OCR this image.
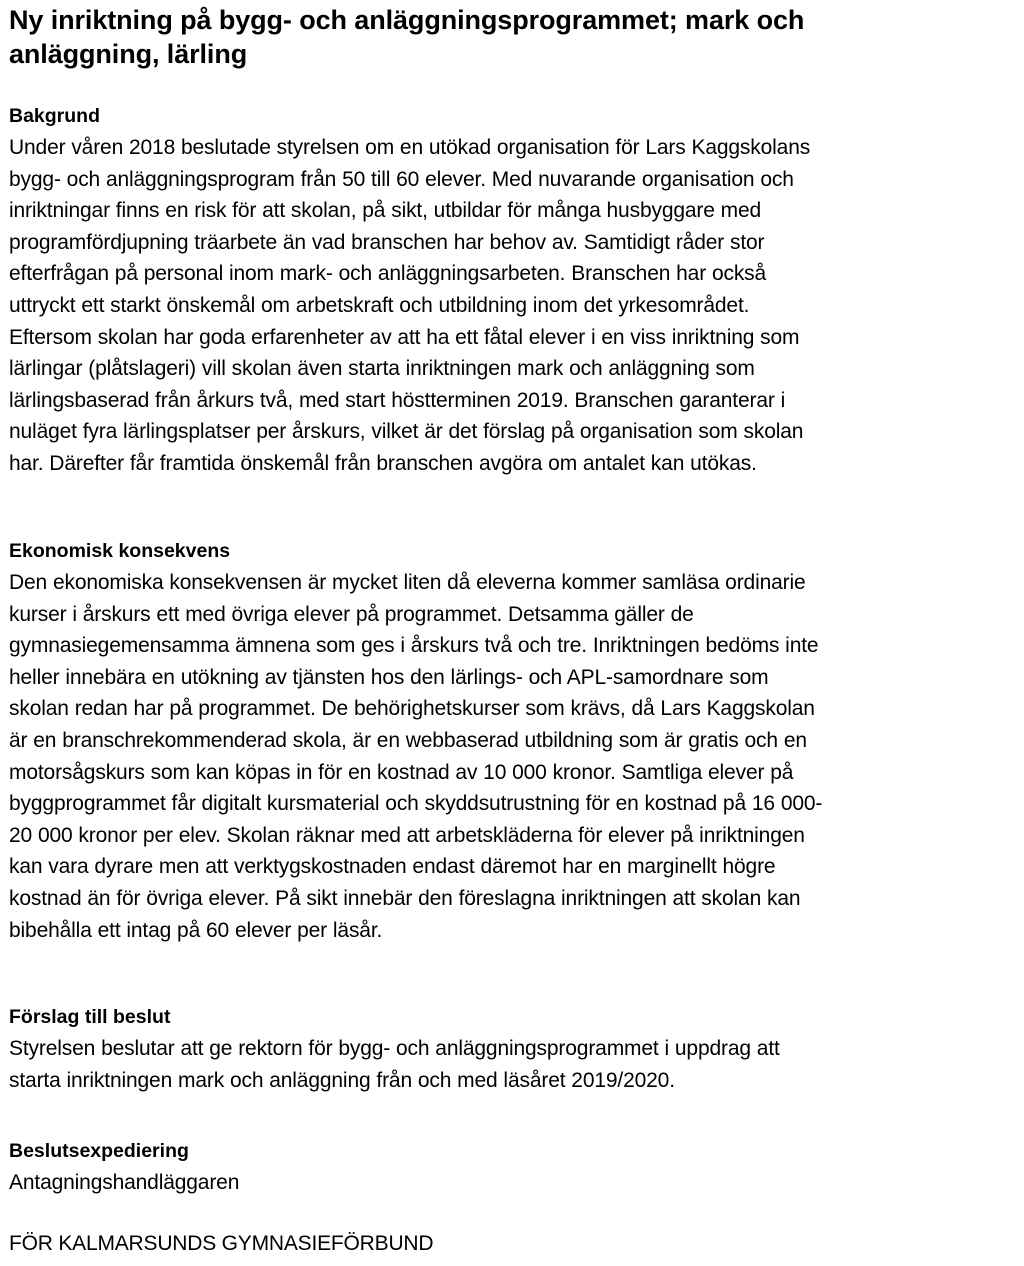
Ny inriktning på bygg- och anläggningsprogrammet; mark och
anläggning, lärling
Bakgrund

Under våren 2018 beslutade styrelsen om en utökad organisation för Lars Kaggskolans
bygg- och anläggningsprogram från 50 till 60 elever. Med nuvarande organisation och
inriktningar finns en risk för att skolan, på sikt, utbildar för många husbyggare med
programfördjupning träarbete än vad branschen har behov av. Samtidigt råder stor
efterfrågan på personal inom mark- och anläggningsarbeten. Branschen har också
uttryckt ett starkt önskemål om arbetskraft och utbildning inom det yrkesområdet.
Eftersom skolan har goda erfarenheter av att ha ett fåtal elever i en viss inriktning som
lärlingar (plåtslageri) vill skolan även starta inriktningen mark och anläggning som
lärlingsbaserad från årkurs två, med start höstterminen 2019. Branschen garanterar i
nuläget fyra lärlingsplatser per årskurs, vilket är det förslag på organisation som skolan
har. Därefter får framtida önskemål från branschen avgöra om antalet kan utökas.

Ekonomisk konsekvens

Den ekonomiska konsekvensen är mycket liten då eleverna kommer samläsa ordinarie
kurser i årskurs ett med övriga elever på programmet. Detsamma gäller de
gymnasiegemensamma ämnena som ges i årskurs två och tre. Inriktningen bedöms inte
heller innebära en utökning av tjänsten hos den lärlings- och APL-samordnare som
skolan redan har på programmet. De behörighetskurser som krävs, då Lars Kaggskolan
är en branschrekommenderad skola, är en webbaserad utbildning som är gratis och en
motorsågskurs som kan köpas in för en kostnad av 10 000 kronor. Samtliga elever på
byggprogrammet får digitalt kursmaterial och skyddsutrustning för en kostnad på 16 000-
20 000 kronor per elev. Skolan räknar med att arbetskläderna för elever på inriktningen
kan vara dyrare men att verktygskostnaden endast däremot har en marginellt högre
kostnad än för övriga elever. På sikt innebär den föreslagna inriktningen att skolan kan
bibehålla ett intag på 60 elever per läsår.

Förslag till beslut

Styrelsen beslutar att ge rektorn för bygg- och anläggningsprogrammet i uppdrag att
starta inriktningen mark och anläggning från och med läsåret 2019/2020.

Beslutsexpediering

Antagningshandläggaren

FÖR KALMARSUNDS GYMNASIEFÖRBUND
